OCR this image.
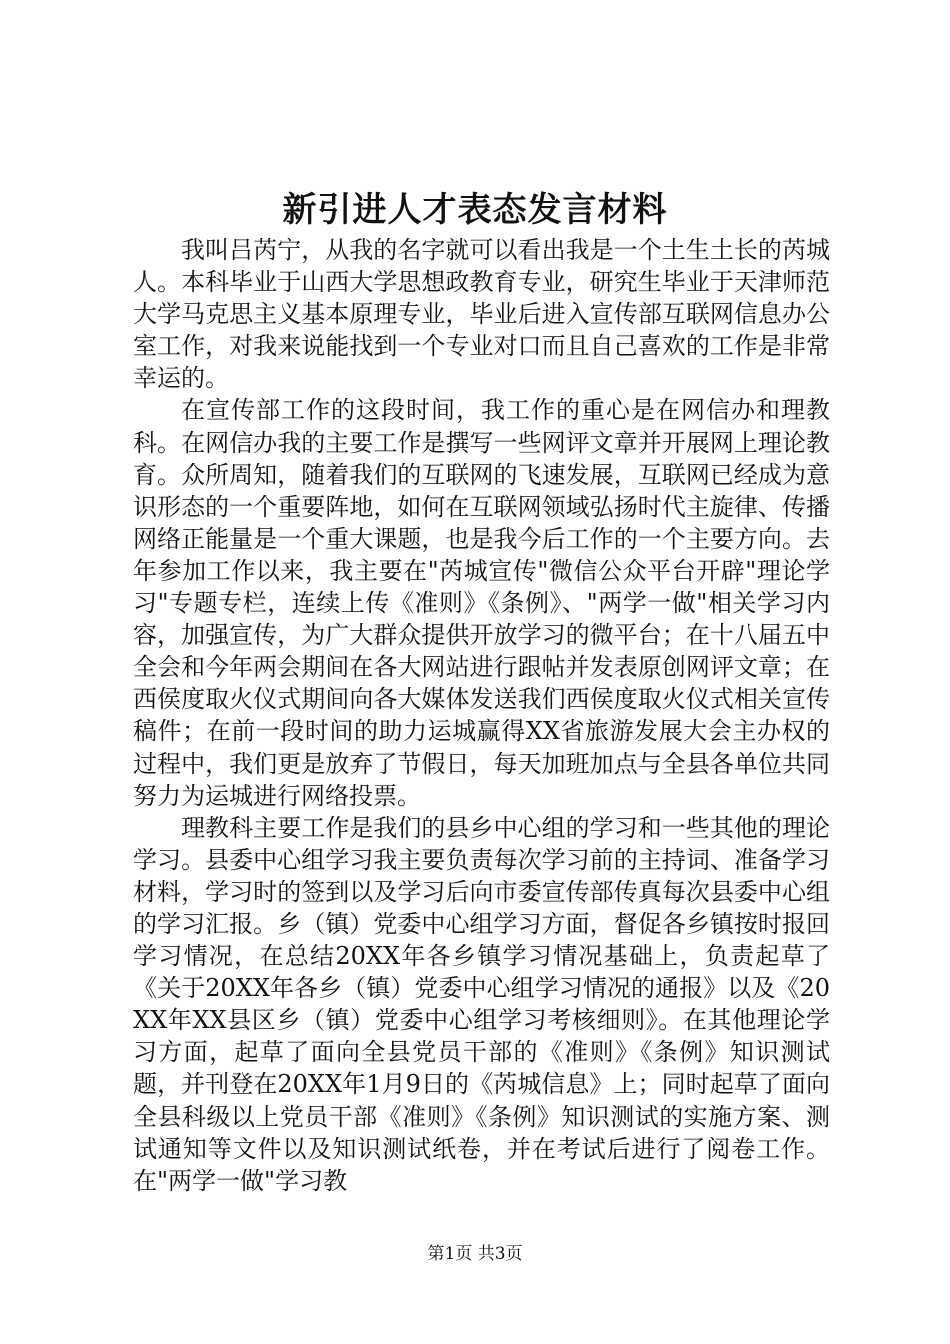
新引进人才表态发言材料

我叫吕芮宁，从我的名字就可以看出我是一个土生土长的芮城人。本科毕业于山西大学思想政教育专业，研究生毕业于天津师范大学马克思主义基本原理专业，毕业后进入宣传部互联网信息办公室工作，对我来说能找到一个专业对口而且自己喜欢的工作是非常幸运的。

在宣传部工作的这段时间，我工作的重心是在网信办和理教科。在网信办我的主要工作是撰写一些网评文章并开展网上理论教育。众所周知，随着我们的互联网的飞速发展，互联网已经成为意识形态的一个重要阵地，如何在互联网领域弘扬时代主旋律、传播网络正能量是一个重大课题，也是我今后工作的一个主要方向。去年参加工作以来，我主要在"芮城宣传"微信公众平台开辟"理论学习"专题专栏，连续上传《准则》《条例》、"两学一做"相关学习内容，加强宣传，为广大群众提供开放学习的微平台；在十八届五中全会和今年两会期间在各大网站进行跟帖并发表原创网评文章；在西侯度取火仪式期间向各大媒体发送我们西侯度取火仪式相关宣传稿件；在前一段时间的助力运城赢得XX省旅游发展大会主办权的过程中，我们更是放弃了节假日，每天加班加点与全县各单位共同努力为运城进行网络投票。

理教科主要工作是我们的县乡中心组的学习和一些其他的理论学习。县委中心组学习我主要负责每次学习前的主持词、准备学习材料，学习时的签到以及学习后向市委宣传部传真每次县委中心组的学习汇报。乡（镇）党委中心组学习方面，督促各乡镇按时报回学习情况，在总结20XX年各乡镇学习情况基础上，负责起草了《关于20XX年各乡（镇）党委中心组学习情况的通报》以及《20XX年XX县区乡（镇）党委中心组学习考核细则》。在其他理论学习方面，起草了面向全县党员干部的《准则》《条例》知识测试题，并刊登在20XX年1月9日的《芮城信息》上；同时起草了面向全县科级以上党员干部《准则》《条例》知识测试的实施方案、测试通知等文件以及知识测试纸卷，并在考试后进行了阅卷工作。在"两学一做"学习教

第1页 共3页
